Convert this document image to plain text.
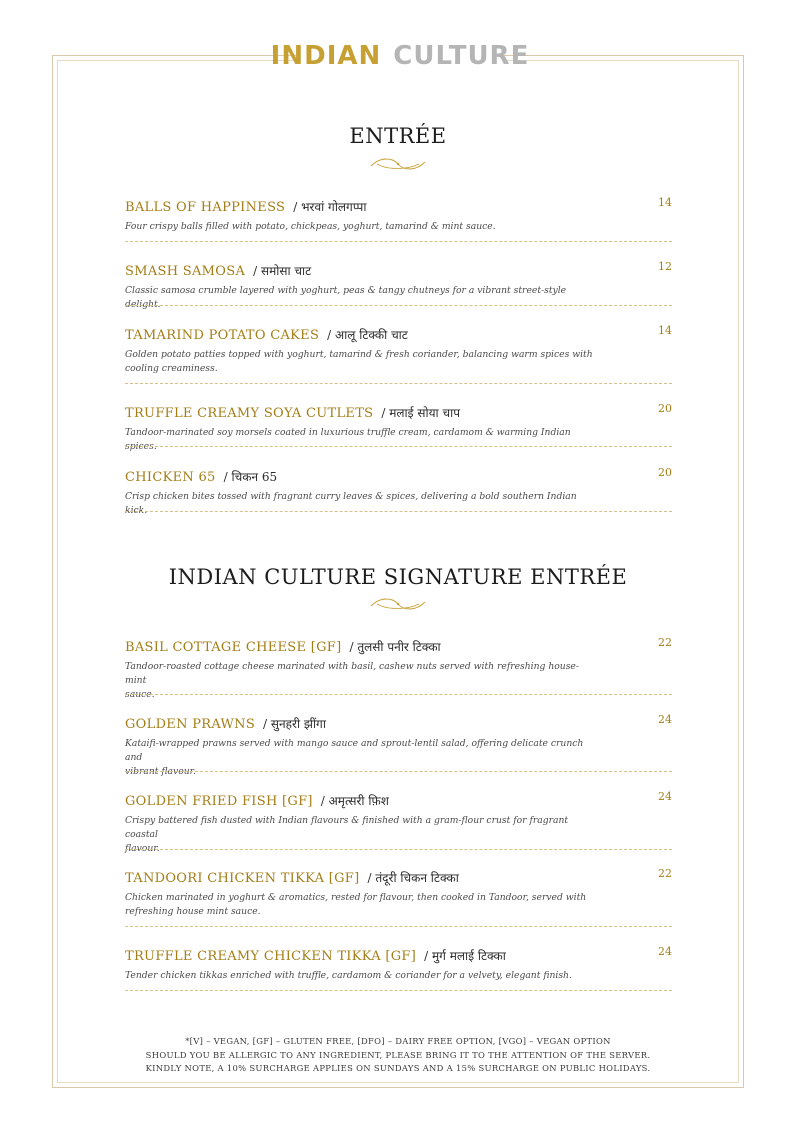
INDIAN CULTURE
ENTRÉE
BALLS OF HAPPINESS / भरवां गोलगप्पा	14
Four crispy balls filled with potato, chickpeas, yoghurt, tamarind & mint sauce.
SMASH SAMOSA / समोसा चाट	12
Classic samosa crumble layered with yoghurt, peas & tangy chutneys for a vibrant street-style delight.
TAMARIND POTATO CAKES / आलू टिक्की चाट	14
Golden potato patties topped with yoghurt, tamarind & fresh coriander, balancing warm spices with
cooling creaminess.
TRUFFLE CREAMY SOYA CUTLETS / मलाई सोया चाप	20
Tandoor-marinated soy morsels coated in luxurious truffle cream, cardamom & warming Indian spices.
CHICKEN 65 / चिकन 65	20
Crisp chicken bites tossed with fragrant curry leaves & spices, delivering a bold southern Indian kick.
INDIAN CULTURE SIGNATURE ENTRÉE
BASIL COTTAGE CHEESE [GF] / तुलसी पनीर टिक्का	22
Tandoor-roasted cottage cheese marinated with basil, cashew nuts served with refreshing house-mint
sauce.
GOLDEN PRAWNS / सुनहरी झींगा	24
Kataifi-wrapped prawns served with mango sauce and sprout-lentil salad, offering delicate crunch and
vibrant flavour.
GOLDEN FRIED FISH [GF] / अमृत्सरी फ़िश	24
Crispy battered fish dusted with Indian flavours & finished with a gram-flour crust for fragrant coastal
flavour.
TANDOORI CHICKEN TIKKA [GF] / तंदूरी चिकन टिक्का	22
Chicken marinated in yoghurt & aromatics, rested for flavour, then cooked in Tandoor, served with
refreshing house mint sauce.
TRUFFLE CREAMY CHICKEN TIKKA [GF] / मुर्ग मलाई टिक्का	24
Tender chicken tikkas enriched with truffle, cardamom & coriander for a velvety, elegant finish.
*[V] – VEGAN, [GF] – GLUTEN FREE, [DFO] – DAIRY FREE OPTION, [VGO] – VEGAN OPTION
SHOULD YOU BE ALLERGIC TO ANY INGREDIENT, PLEASE BRING IT TO THE ATTENTION OF THE SERVER.
KINDLY NOTE, A 10% SURCHARGE APPLIES ON SUNDAYS AND A 15% SURCHARGE ON PUBLIC HOLIDAYS.
